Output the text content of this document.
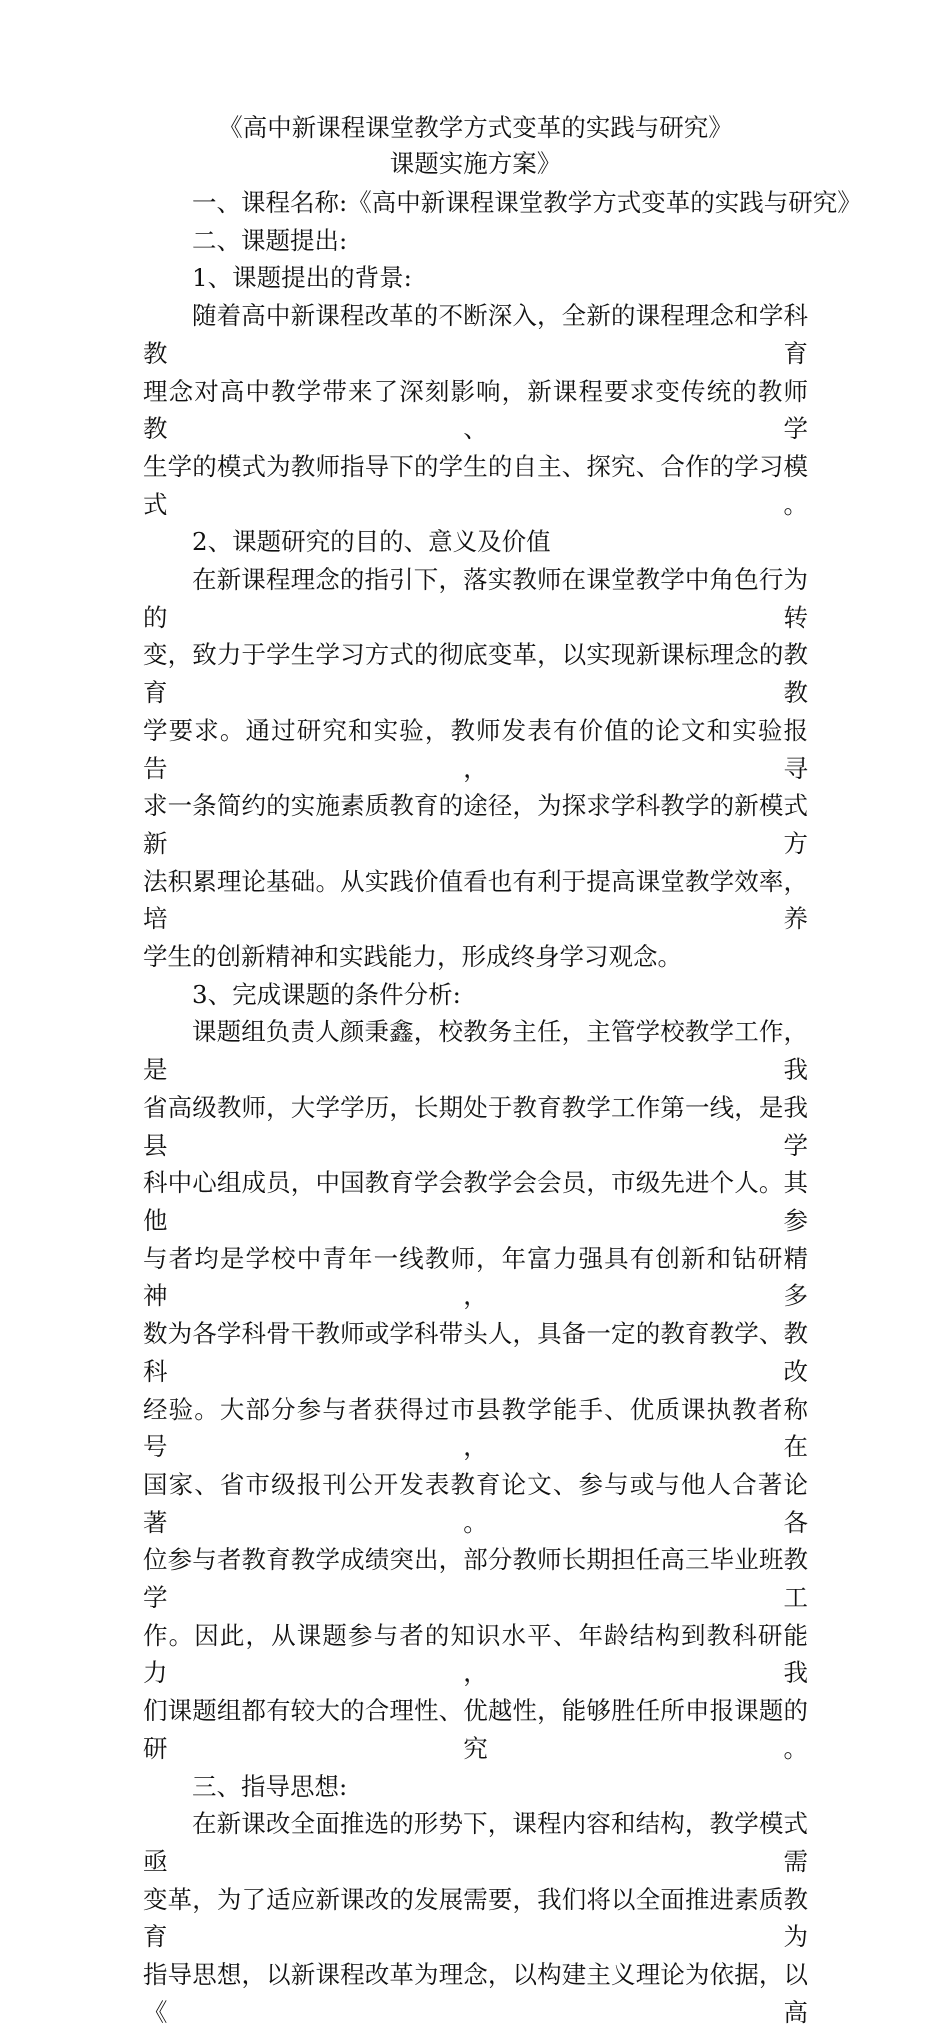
《高中新课程课堂教学方式变革的实践与研究》
课题实施方案》

一、课程名称:《高中新课程课堂教学方式变革的实践与研究》

二、课题提出:

1、课题提出的背景:

随着高中新课程改革的不断深入，全新的课程理念和学科教育
理念对高中教学带来了深刻影响，新课程要求变传统的教师教、学
生学的模式为教师指导下的学生的自主、探究、合作的学习模式。

2、课题研究的目的、意义及价值

在新课程理念的指引下，落实教师在课堂教学中角色行为的转
变，致力于学生学习方式的彻底变革，以实现新课标理念的教育教
学要求。通过研究和实验，教师发表有价值的论文和实验报告，寻
求一条简约的实施素质教育的途径，为探求学科教学的新模式新方
法积累理论基础。从实践价值看也有利于提高课堂教学效率，培养
学生的创新精神和实践能力，形成终身学习观念。

3、完成课题的条件分析:

课题组负责人颜秉鑫，校教务主任，主管学校教学工作，是我
省高级教师，大学学历，长期处于教育教学工作第一线，是我县学
科中心组成员，中国教育学会教学会会员，市级先进个人。其他参
与者均是学校中青年一线教师，年富力强具有创新和钻研精神，多
数为各学科骨干教师或学科带头人，具备一定的教育教学、教科改
经验。大部分参与者获得过市县教学能手、优质课执教者称号，在
国家、省市级报刊公开发表教育论文、参与或与他人合著论著。各
位参与者教育教学成绩突出，部分教师长期担任高三毕业班教学工
作。因此，从课题参与者的知识水平、年龄结构到教科研能力，我
们课题组都有较大的合理性、优越性，能够胜任所申报课题的研究。

三、指导思想:

在新课改全面推选的形势下，课程内容和结构，教学模式亟需
变革，为了适应新课改的发展需要，我们将以全面推进素质教育为
指导思想，以新课程改革为理念，以构建主义理论为依据，以《高
